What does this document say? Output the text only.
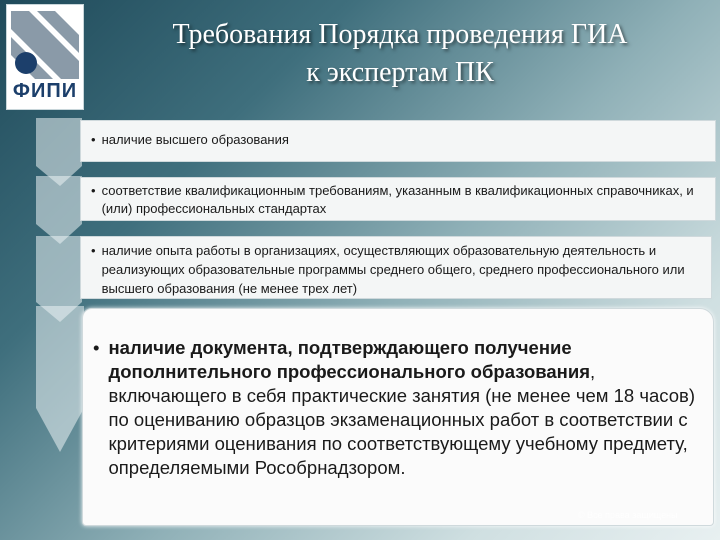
ФИПИ
Требования Порядка проведения ГИА
к экспертам ПК
• наличие высшего образования
• соответствие квалификационным требованиям, указанным в квалификационных справочниках, и (или) профессиональных стандартах
• наличие опыта работы в организациях, осуществляющих образовательную деятельность и реализующих образовательные программы среднего общего, среднего профессионального или высшего образования (не менее трех лет)
• наличие документа, подтверждающего получение дополнительного профессионального образования, включающего в себя практические занятия (не менее чем 18 часов) по оцениванию образцов экзаменационных работ в соответствии с критериями оценивания по соответствующему учебному предмету, определяемыми Рособрнадзором.
© Все права защищены
